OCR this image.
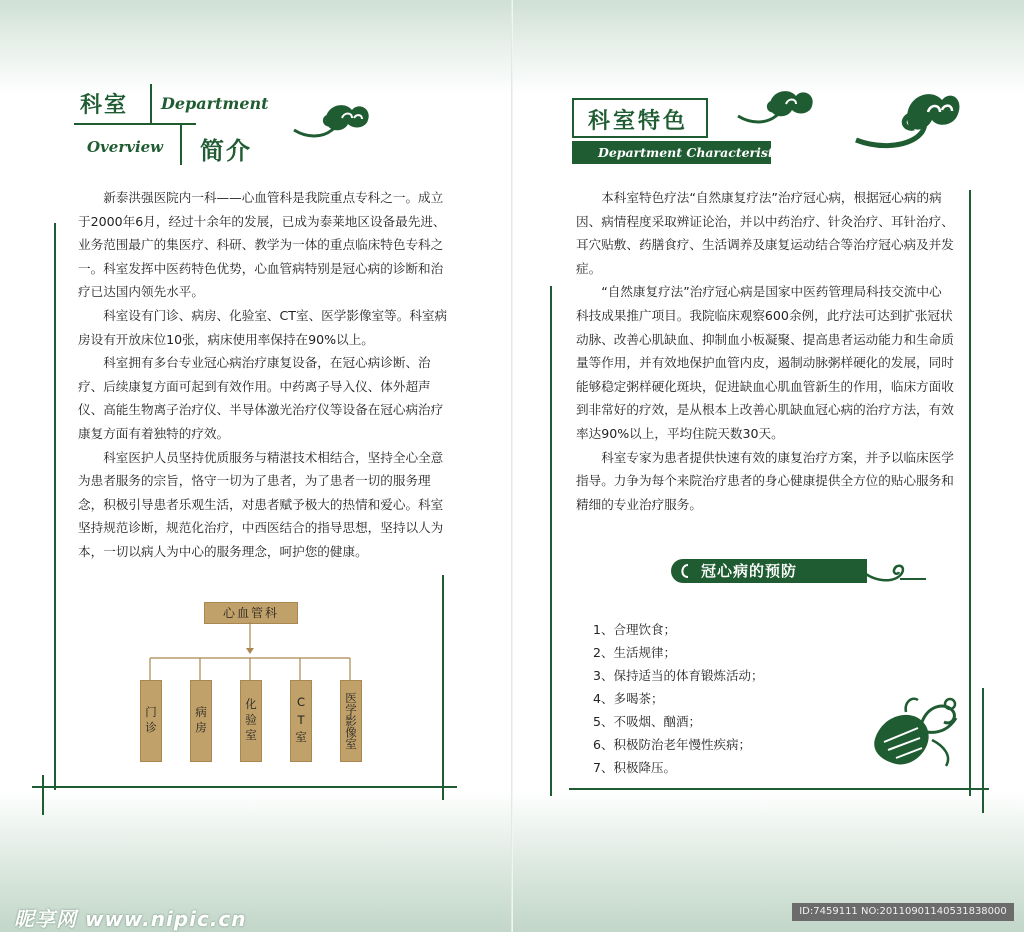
科室 Department
Overview 简介

新泰洪强医院内一科——心血管科是我院重点专科之一。成立于2000年6月，经过十余年的发展，已成为泰莱地区设备最先进、业务范围最广的集医疗、科研、教学为一体的重点临床特色专科之一。科室发挥中医药特色优势，心血管病特别是冠心病的诊断和治疗已达国内领先水平。

科室设有门诊、病房、化验室、CT室、医学影像室等。科室病房设有开放床位10张，病床使用率保持在90%以上。

科室拥有多台专业冠心病治疗康复设备，在冠心病诊断、治疗、后续康复方面可起到有效作用。中药离子导入仪、体外超声仪、高能生物离子治疗仪、半导体激光治疗仪等设备在冠心病治疗康复方面有着独特的疗效。

科室医护人员坚持优质服务与精湛技术相结合，坚持全心全意为患者服务的宗旨，恪守一切为了患者，为了患者一切的服务理念，积极引导患者乐观生活，对患者赋予极大的热情和爱心。科室坚持规范诊断，规范化治疗，中西医结合的指导思想，坚持以人为本，一切以病人为中心的服务理念，呵护您的健康。

心血管科
门诊	病房	化验室	CT室	医学影像室
科室特色
Department Characteristic

本科室特色疗法“自然康复疗法”治疗冠心病，根据冠心病的病因、病情程度采取辨证论治，并以中药治疗、针灸治疗、耳针治疗、耳穴贴敷、药膳食疗、生活调养及康复运动结合等治疗冠心病及并发症。

“自然康复疗法”治疗冠心病是国家中医药管理局科技交流中心科技成果推广项目。我院临床观察600余例，此疗法可达到扩张冠状动脉、改善心肌缺血、抑制血小板凝聚、提高患者运动能力和生命质量等作用，并有效地保护血管内皮，遏制动脉粥样硬化的发展，同时能够稳定粥样硬化斑块，促进缺血心肌血管新生的作用，临床方面收到非常好的疗效，是从根本上改善心肌缺血冠心病的治疗方法，有效率达90%以上，平均住院天数30天。

科室专家为患者提供快速有效的康复治疗方案，并予以临床医学指导。力争为每个来院治疗患者的身心健康提供全方位的贴心服务和精细的专业治疗服务。

冠心病的预防
1、合理饮食；
2、生活规律；
3、保持适当的体育锻炼活动；
4、多喝茶；
5、不吸烟、酗酒；
6、积极防治老年慢性疾病；
7、积极降压。
昵享网 www.nipic.cn	ID:7459111 NO:20110901140531838000
